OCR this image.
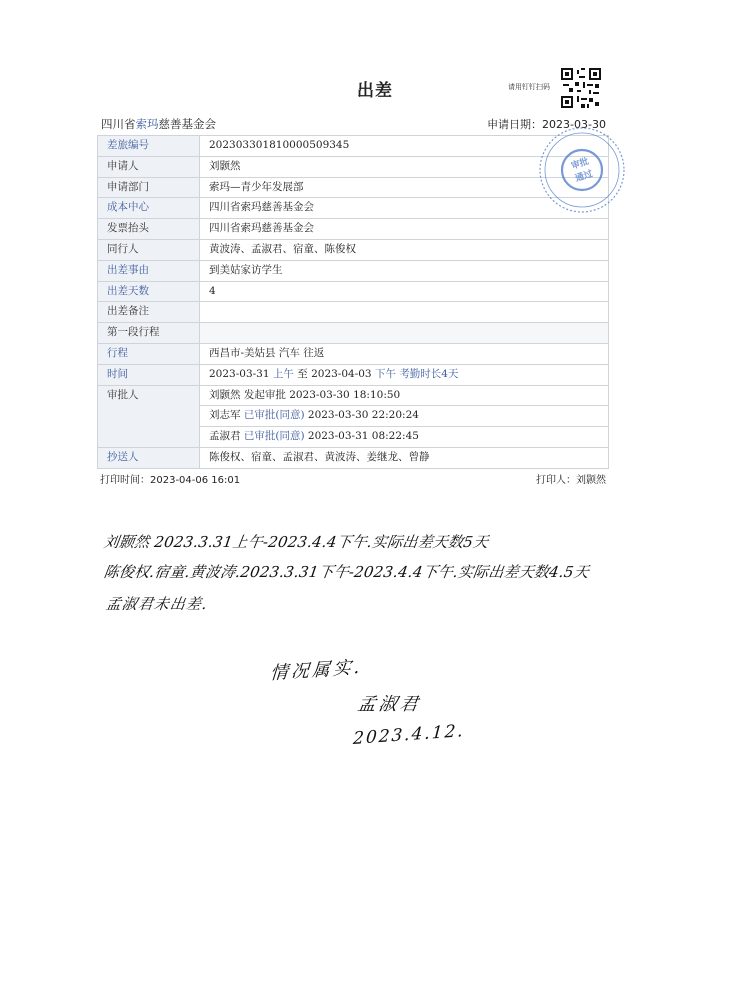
出差	请用钉钉扫码
四川省索玛慈善基金会	申请日期：2023-03-30
差旅编号	202303301810000509345
申请人	刘颢然
申请部门	索玛—青少年发展部
成本中心	四川省索玛慈善基金会
发票抬头	四川省索玛慈善基金会
同行人	黄波涛、孟淑君、宿童、陈俊权
出差事由	到美姑家访学生
出差天数	4
出差备注	
第一段行程	
行程	西昌市-美姑县 汽车 往返
时间	2023-03-31 上午 至 2023-04-03 下午 考勤时长4天
审批人	刘颢然 发起审批 2023-03-30 18:10:50
	刘志军 已审批(同意) 2023-03-30 22:20:24
	孟淑君 已审批(同意) 2023-03-31 08:22:45
抄送人	陈俊权、宿童、孟淑君、黄波涛、姜继龙、曾静
审批
通过
打印时间：2023-04-06 16:01	打印人：刘颢然
刘颢然 2023.3.31上午-2023.4.4下午.实际出差天数5天
陈俊权.宿童.黄波涛.2023.3.31下午-2023.4.4下午.实际出差天数4.5天
孟淑君未出差.
情况属实.
孟淑君
2023.4.12.
